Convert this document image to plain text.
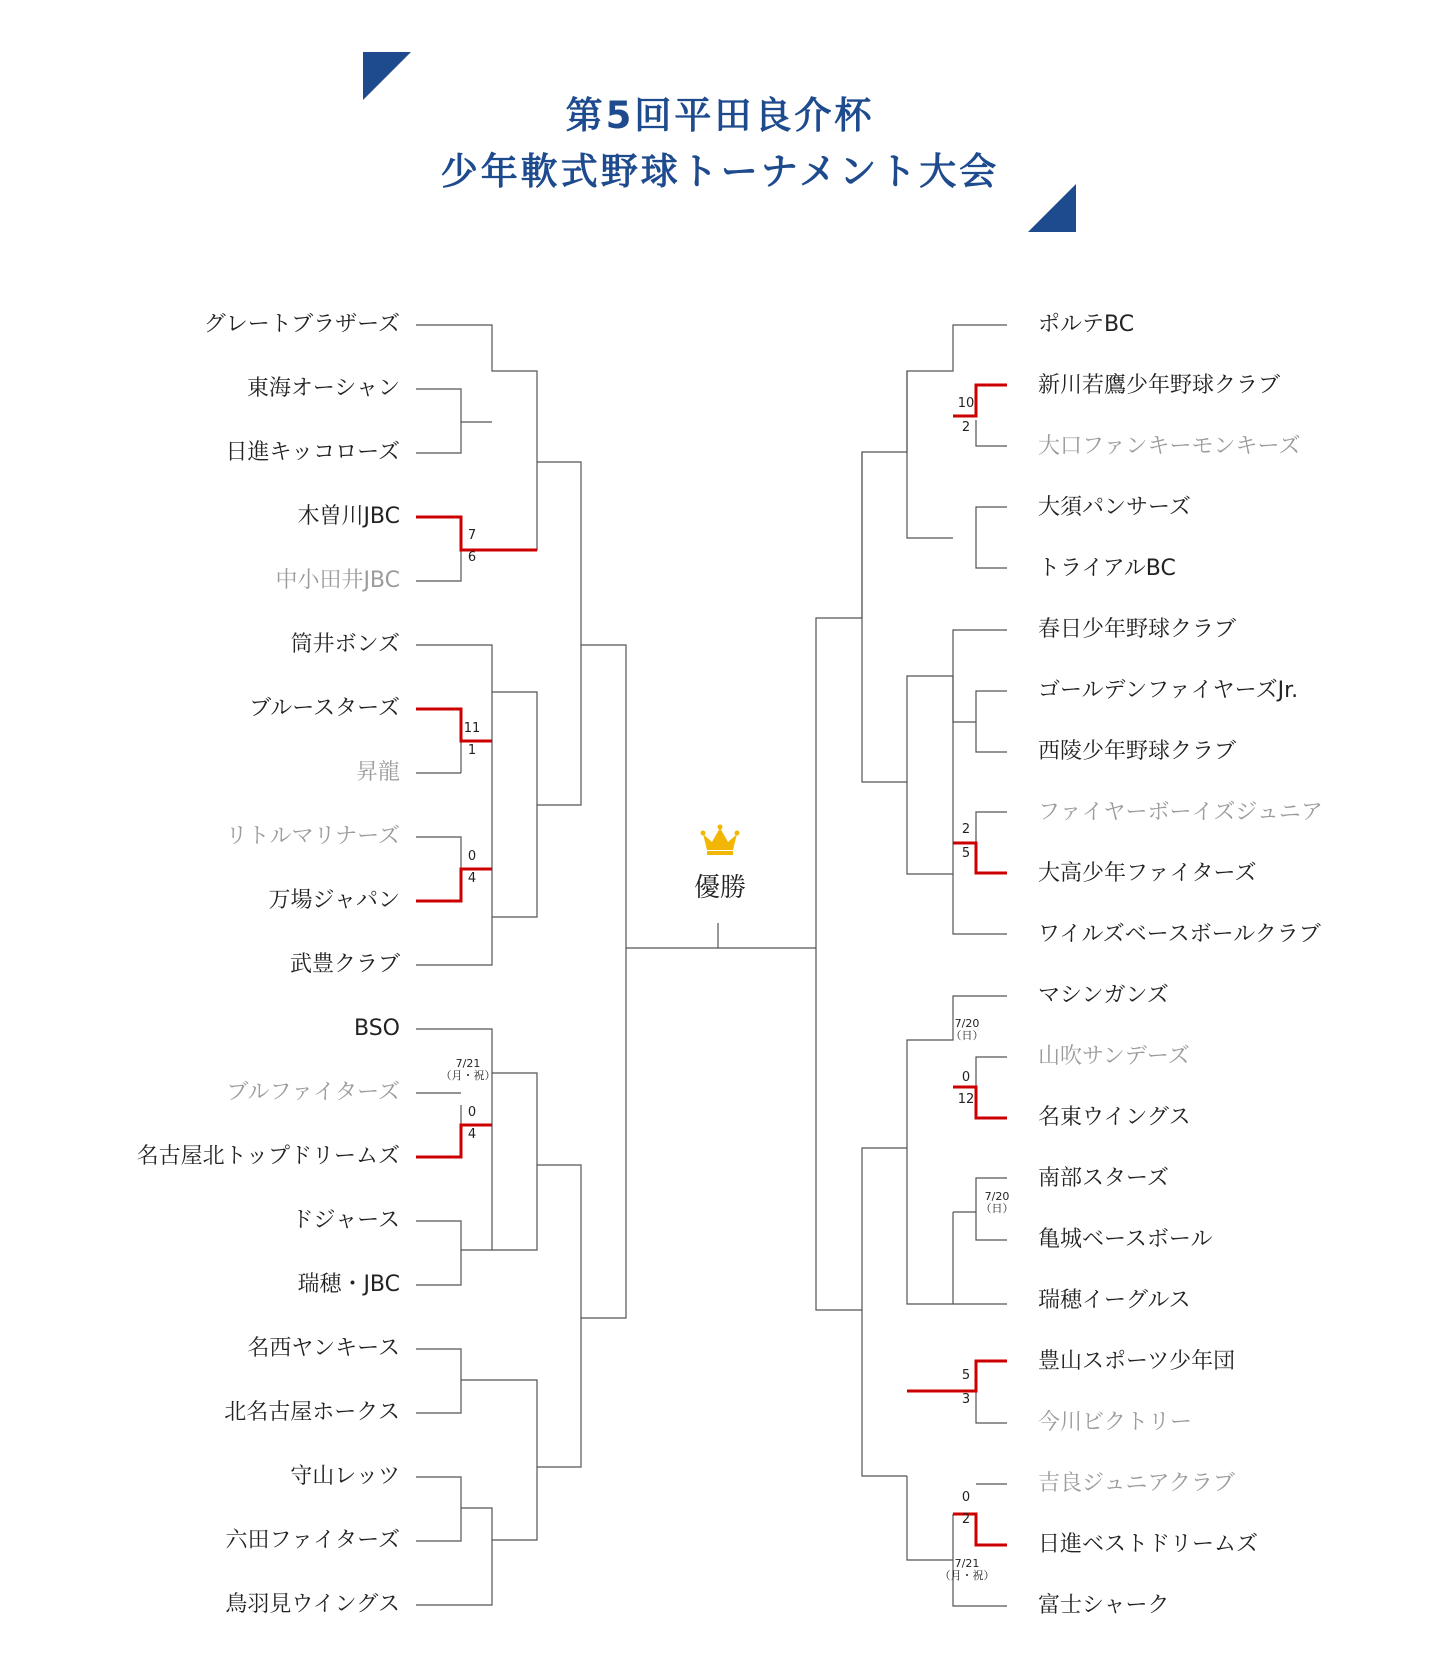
第5回平田良介杯
少年軟式野球トーナメント大会
グレートブラザーズ
東海オーシャン
日進キッコローズ
木曽川JBC
中小田井JBC
筒井ボンズ
ブルースターズ
昇龍
リトルマリナーズ
万場ジャパン
武豊クラブ
BSO
ブルファイターズ
名古屋北トップドリームズ
ドジャース
瑞穂・JBC
名西ヤンキース
北名古屋ホークス
守山レッツ
六田ファイターズ
鳥羽見ウイングス
ポルテBC
新川若鷹少年野球クラブ
大口ファンキーモンキーズ
大須パンサーズ
トライアルBC
春日少年野球クラブ
ゴールデンファイヤーズJr.
西陵少年野球クラブ
ファイヤーボーイズジュニア
大高少年ファイターズ
ワイルズベースボールクラブ
マシンガンズ
山吹サンデーズ
名東ウイングス
南部スターズ
亀城ベースボール
瑞穂イーグルス
豊山スポーツ少年団
今川ビクトリー
吉良ジュニアクラブ
日進ベストドリームズ
富士シャーク
7
6
11
1
0
4
0
4
10
2
2
5
0
12
5
3
0
2
7/21
（月・祝）
7/20
（日）
7/20
（日）
7/21
（月・祝）
優勝
